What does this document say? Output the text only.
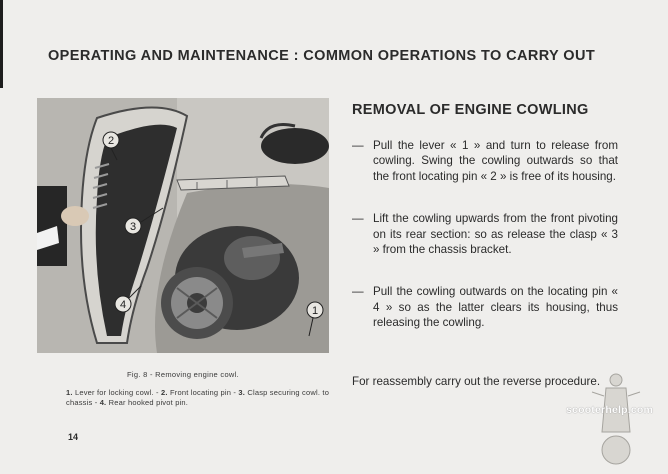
OPERATING AND MAINTENANCE : COMMON OPERATIONS TO CARRY OUT
2
3
4	1
Fig. 8 - Removing engine cowl.
1. Lever for locking cowl. - 2. Front locating pin - 3. Clasp securing cowl. to chassis - 4. Rear hooked pivot pin.
14
REMOVAL OF ENGINE COWLING
— Pull the lever « 1 » and turn to release from cowling. Swing the cowling outwards so that the front locating pin « 2 » is free of its housing.
— Lift the cowling upwards from the front pivoting on its rear section: so as release the clasp « 3 » from the chassis bracket.
— Pull the cowling outwards on the locating pin « 4 » so as the latter clears its housing, thus releasing the cowling.
For reassembly carry out the reverse procedure.
scooterhelp.com
